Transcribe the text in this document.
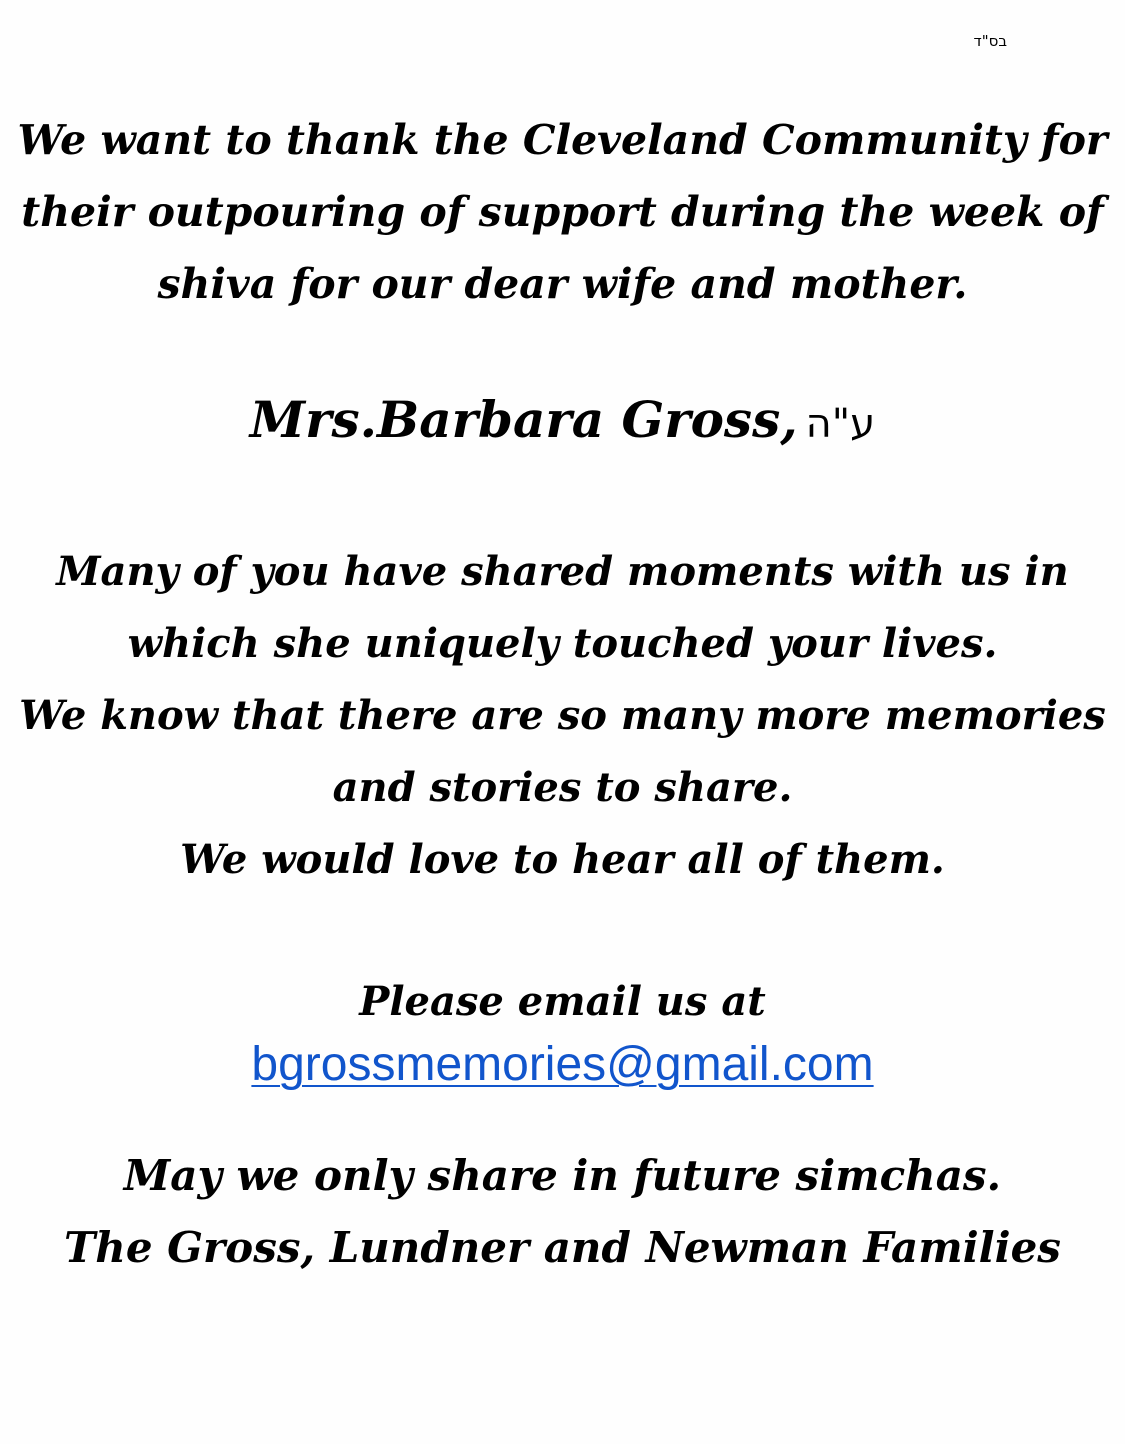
בס"ד
We want to thank the Cleveland Community for
their outpouring of support during the week of
shiva for our dear wife and mother.
Mrs.Barbara Gross, ע"ה
Many of you have shared moments with us in
which she uniquely touched your lives.
We know that there are so many more memories
and stories to share.
We would love to hear all of them.
Please email us at
bgrossmemories@gmail.com
May we only share in future simchas.
The Gross, Lundner and Newman Families
